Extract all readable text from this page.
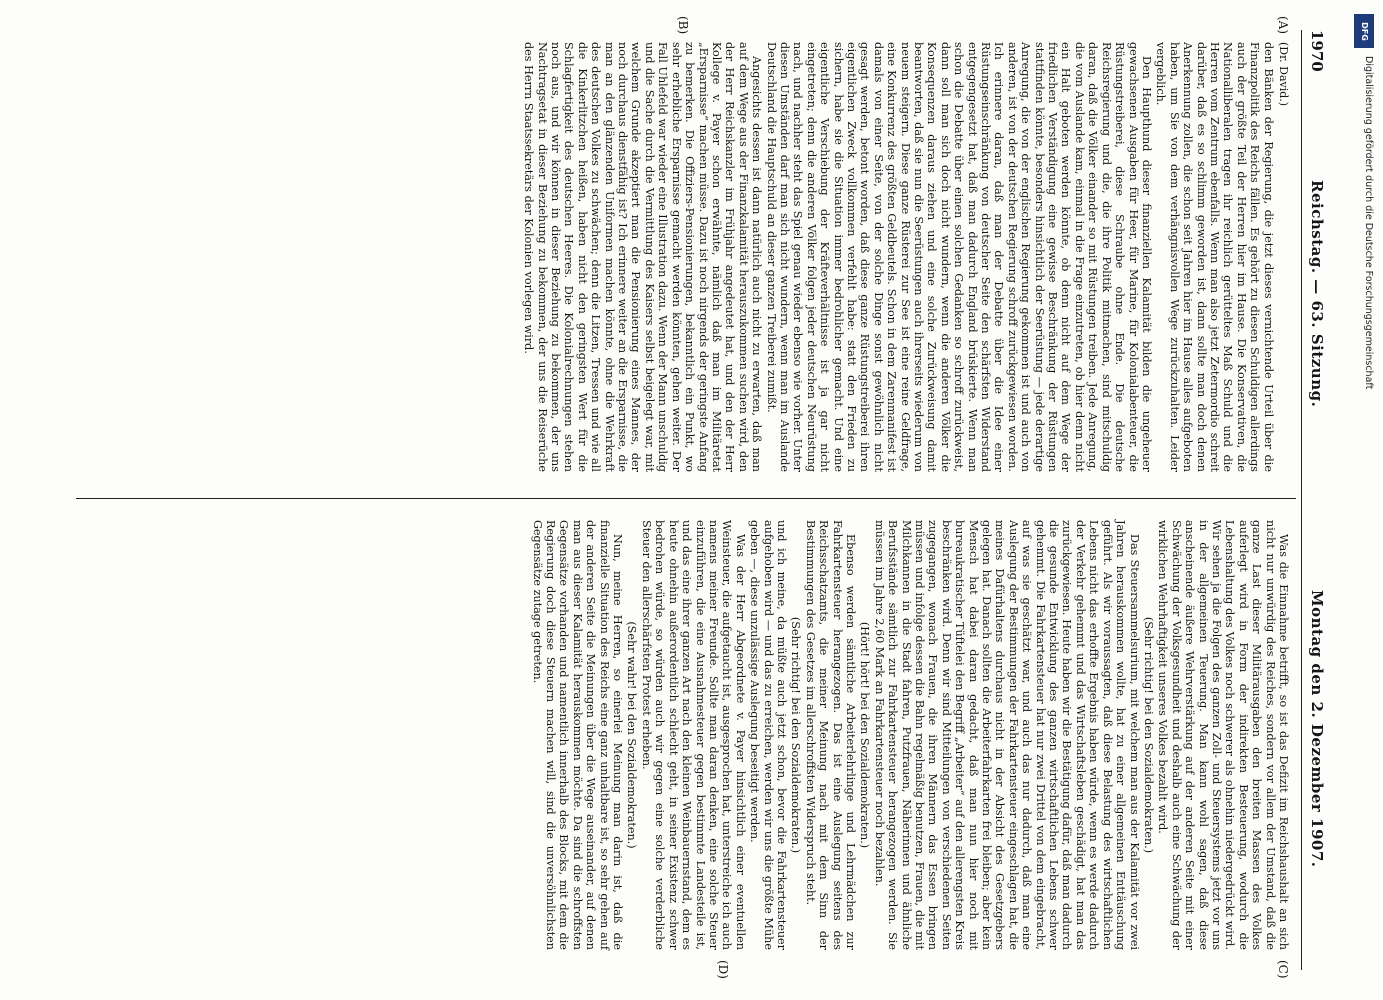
1970
Reichstag. — 63. Sitzung.
Montag den 2. Dezember 1907.
(A)
(B)
(C)
(D)
(Dr. David.)

den Bänken der Regierung, die jetzt dieses vernichtende Urteil über die Finanzpolitik des Reichs fällen. Es gehört zu diesen Schuldigen allerdings auch der größte Teil der Herren hier im Hause. Die Konservativen, die Nationalliberalen tragen ihr reichlich gerütteltes Maß Schuld und die Herren vom Zentrum ebenfalls. Wenn man also jetzt Zetermordio schreit darüber, daß es so schlimm geworden ist, dann sollte man doch denen Anerkennung zollen, die schon seit Jahren hier im Hause alles aufgeboten haben, um Sie von dem verhängnisvollen Wege zurückzuhalten. Leider vergeblich.

Den Haupthund dieser finanziellen Kalamität bilden die ungeheuer gewachsenen Ausgaben für Heer, für Marine, für Kolonialabenteuer, die Rüstungstreiberei, diese Schraube ohne Ende. Die deutsche Reichsregierung und die, die ihre Politik mitmachen, sind mitschuldig daran, daß die Völker einander so mit Rüstungen treiben. Jede Anregung, die vom Auslande kam, einmal in die Frage einzutreten, ob hier denn nicht ein Halt geboten werden könnte, ob denn nicht auf dem Wege der friedlichen Verständigung eine gewisse Beschränkung der Rüstungen stattfinden könnte, besonders hinsichtlich der Seerüstung — jede derartige Anregung, die von der englischen Regierung gekommen ist und auch von anderen, ist von der deutschen Regierung schroff zurückgewiesen worden. Ich erinnere daran, daß man der Debatte über die Idee einer Rüstungseinschränkung von deutscher Seite den schärfsten Widerstand entgegengesetzt hat, daß man dadurch England brüskierte. Wenn man schon die Debatte über einen solchen Gedanken so schroff zurückweist, dann soll man sich doch nicht wundern, wenn die anderen Völker die Konsequenzen daraus ziehen und eine solche Zurückweisung damit beantworten, daß sie nun die Seerüstungen auch ihrerseits wiederum von neuem steigern. Diese ganze Rüsterei zur See ist eine reine Geldfrage, eine Konkurrenz des größten Geldbeutels. Schon in dem Zarenmanifest ist damals von einer Seite, von der solche Dinge sonst gewöhnlich nicht gesagt werden, betont worden, daß diese ganze Rüstungstreiberei ihren eigentlichen Zweck vollkommen verfehlt habe: statt den Frieden zu sichern, habe sie die Situation immer bedrohlicher gemacht. Und eine eigentliche Verschiebung der Kräfteverhältnisse ist ja gar nicht eingetreten; denn die anderen Völker folgen jeder deutschen Neurüstung nach, und nachher steht das Spiel genau wieder ebenso wie vorher. Unter diesen Umständen darf man sich nicht wundern, wenn man im Auslande Deutschland die Hauptschuld an dieser ganzen Treiberei zumißt.

Angesichts dessen ist dann natürlich auch nicht zu erwarten, daß man auf dem Wege aus der Finanzkalamität herauszukommen suchen wird, den der Herr Reichskanzler im Frühjahr angedeutet hat, und den der Herr Kollege v. Payer schon erwähnte, nämlich daß man im Militäretat „Ersparnisse“ machen müsse. Dazu ist noch nirgends der geringste Anfang zu bemerken. Die Offiziers-Pensionierungen, bekanntlich ein Punkt, wo sehr erhebliche Ersparnisse gemacht werden könnten, gehen weiter. Der Fall Uhlefeld war wieder eine Illustration dazu. Wenn der Mann unschuldig und die Sache durch die Vermittlung des Kaisers selbst beigelegt war, mit welchem Grunde akzeptiert man die Pensionierung eines Mannes, der noch durchaus dienstfähig ist? Ich erinnere weiter an die Ersparnisse, die man an den glänzenden Uniformen machen könnte, ohne die Wehrkraft des deutschen Volkes zu schwächen; denn die Litzen, Tressen und wie all die Kinkerlitzchen heißen, haben nicht den geringsten Wert für die Schlagfertigkeit des deutschen Heeres. Die Kolonialrechnungen stehen noch aus, und wir können in dieser Beziehung zu bekommen, der uns Nachtragsetat in dieser Beziehung zu bekommen, der uns die Reiserüche des Herrn Staatssekretärs der Kolonien vorlegen wird.

Was die Einnahme betrifft, so ist das Defizit im Reichshaushalt an sich nicht nur unwürdig des Reiches, sondern vor allem der Umstand, daß die ganze Last dieser Militärausgaben den breiten Massen des Volkes auferlegt wird in Form der indirekten Besteuerung, wodurch die Lebenshaltung des Volkes noch schwerer als ohnehin niedergedrückt wird. Wir sehen ja die Folgen des ganzen Zoll- und Steuersystems jetzt vor uns in der allgemeinen Teuerung. Man kann wohl sagen, daß diese anscheinende äußere Wehrverstärkung auf der anderen Seite mit einer Schwächung der Volksgesundheit und deshalb auch eine Schwächung der wirklichen Wehrhaftigkeit unseres Volkes bezahlt wird.

(Sehr richtig! bei den Sozialdemokraten.)

Das Steuersammelsurium, mit welchem man aus der Kalamität vor zwei Jahren herauskommen wollte, hat zu einer allgemeinen Enttäuschung geführt. Als wir voraussagten, daß diese Belastung des wirtschaftlichen Lebens nicht das erhoffte Ergebnis haben würde, wenn es werde dadurch der Verkehr gehemmt und das Wirtschaftsleben geschädigt, hat man das zurückgewiesen. Heute haben wir die Bestätigung dafür, daß man dadurch die gesunde Entwicklung des ganzen wirtschaftlichen Lebens schwer gehemmt. Die Fahrkartensteuer hat nur zwei Drittel von dem eingebracht, auf was sie geschätzt war, und auch das nur dadurch, daß man eine Auslegung der Bestimmungen der Fahrkartensteuer eingeschlagen hat, die meines Dafürhaltens durchaus nicht in der Absicht des Gesetzgebers gelegen hat. Danach sollten die Arbeiterfahrkarten frei bleiben; aber kein Mensch hat dabei daran gedacht, daß man nun hier noch mit bureaukratischer Tüftelei den Begriff „Arbeiter“ auf den allerengsten Kreis beschränken wird. Denn wir sind Mitteilungen von verschiedenen Seiten zugegangen, wonach Frauen, die ihren Männern das Essen bringen müssen und infolge dessen die Bahn regelmäßig benutzen, Frauen, die mit Milchkannen in die Stadt fahren, Putzfrauen, Näherinnen und ähnliche Berufsstände sämtlich zur Fahrkartensteuer herangezogen werden. Sie müssen im Jahre 2,60 Mark an Fahrkartensteuer noch bezahlen.

(Hört! hört! bei den Sozialdemokraten.)

Ebenso werden sämtliche Arbeiterlehrlinge und Lehrmädchen zur Fahrkartensteuer herangezogen. Das ist eine Auslegung seitens des Reichsschatzamts, die meiner Meinung nach mit dem Sinn der Bestimmungen des Gesetzes im allerschroffsten Widerspruch steht.

(Sehr richtig! bei den Sozialdemokraten.)

und ich meine, da müßte auch jetzt schon, bevor die Fahrkartensteuer aufgehoben wird — und das zu erreichen, werden wir uns die größte Mühe geben —, diese unzulässige Auslegung beseitigt werden.

Was der Herr Abgeordnete v. Payer hinsichtlich einer eventuellen Weinsteuer, die aufgetaucht ist, ausgesprochen hat, unterstreiche ich auch namens meiner Freunde. Sollte man daran denken, eine solche Steuer einzuführen, die eine Ausnahmesteuer gegen bestimmte Landesteile ist, und das eine ihrer ganzen Art nach den kleinen Weinbauernstand, dem es heute ohnehin außerordentlich schlecht geht, in seiner Existenz schwer bedrohen würde, so würden auch wir gegen eine solche verderbliche Steuer den allerschärfsten Protest erheben.

(Sehr wahr! bei den Sozialdemokraten.)

Nun, meine Herren, so einerlei Meinung man darin ist, daß die finanzielle Situation des Reichs eine ganz unhaltbare ist, so sehr gehen auf der anderen Seite die Meinungen über die Wege auseinander, auf denen man aus dieser Kalamität herauskommen möchte. Da sind die schroffsten Gegensätze vorhanden und namentlich innerhalb des Blocks, mit dem die Regierung doch diese Steuern machen will, sind die unversöhnlichsten Gegensätze zutage getreten.

DFG
Digitalisierung gefördert durch die Deutsche Forschungsgemeinschaft
